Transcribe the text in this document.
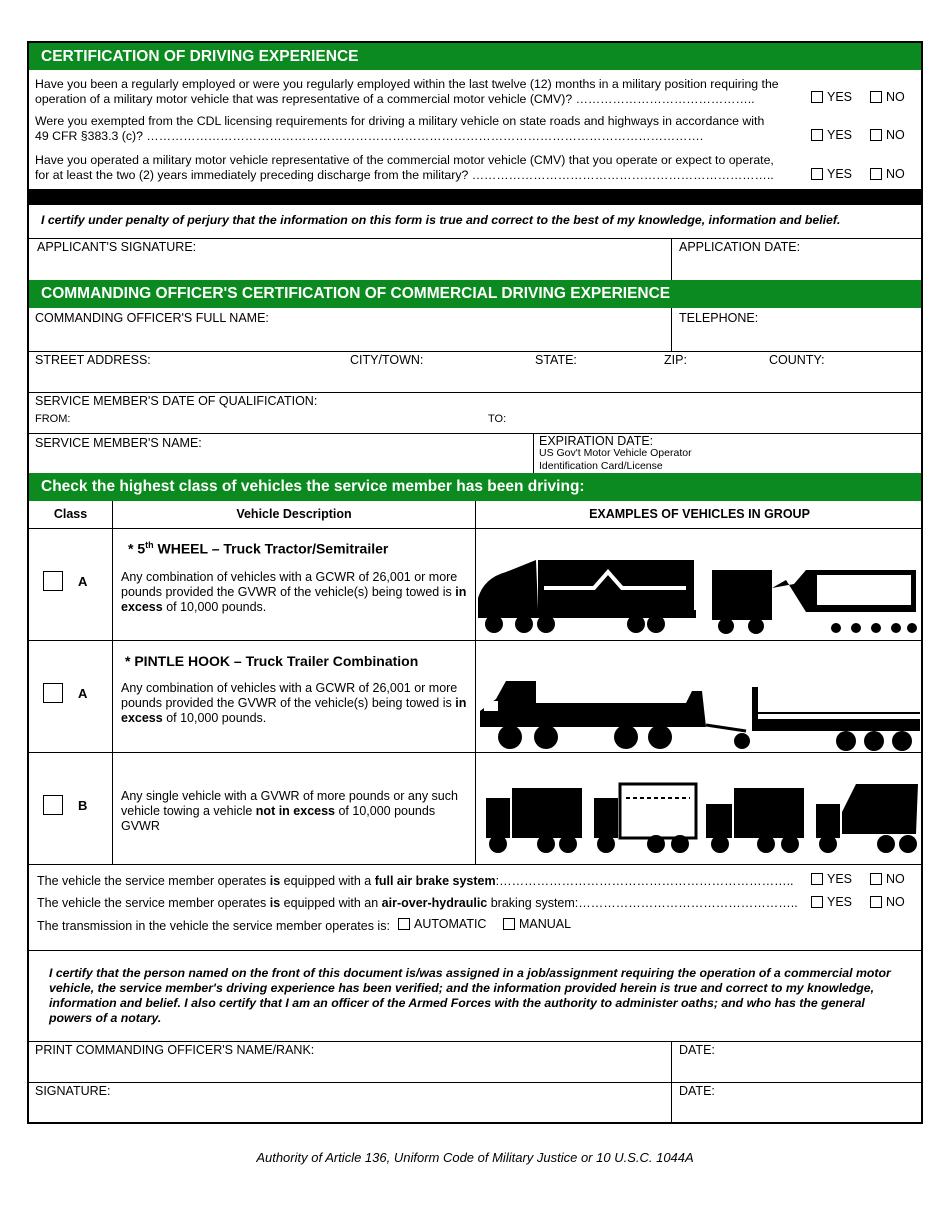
CERTIFICATION OF DRIVING EXPERIENCE
Have you been a regularly employed or were you regularly employed within the last twelve (12) months in a military position requiring the
operation of a military motor vehicle that was representative of a commercial motor vehicle (CMV)? ……………………………………..	YES	NO
Were you exempted from the CDL licensing requirements for driving a military vehicle on state roads and highways in accordance with
49 CFR §383.3 (c)? ……………………………………………………………………………………………………………………….	YES	NO
Have you operated a military motor vehicle representative of the commercial motor vehicle (CMV) that you operate or expect to operate,
for at least the two (2) years immediately preceding discharge from the military? ………………………………………………………………..	YES	NO
I certify under penalty of perjury that the information on this form is true and correct to the best of my knowledge, information and belief.
APPLICANT'S SIGNATURE:	APPLICATION DATE:
COMMANDING OFFICER'S CERTIFICATION OF COMMERCIAL DRIVING EXPERIENCE
COMMANDING OFFICER'S FULL NAME:	TELEPHONE:
STREET ADDRESS:	CITY/TOWN:	STATE:	ZIP:	COUNTY:
SERVICE MEMBER'S DATE OF QUALIFICATION:
FROM:	TO:
SERVICE MEMBER'S NAME:	EXPIRATION DATE:
US Gov't Motor Vehicle Operator
Identification Card/License
Check the highest class of vehicles the service member has been driving:
Class	Vehicle Description	EXAMPLES OF VEHICLES IN GROUP
A
* 5th WHEEL – Truck Tractor/Semitrailer
Any combination of vehicles with a GCWR of 26,001 or more
pounds provided the GVWR of the vehicle(s) being towed is in
excess of 10,000 pounds.
A
* PINTLE HOOK – Truck Trailer Combination
Any combination of vehicles with a GCWR of 26,001 or more
pounds provided the GVWR of the vehicle(s) being towed is in
excess of 10,000 pounds.
B
Any single vehicle with a GVWR of more pounds or any such
vehicle towing a vehicle not in excess of 10,000 pounds GVWR
The vehicle the service member operates is equipped with a full air brake system:……………………………………………………………..	YES	NO
The vehicle the service member operates is equipped with an air-over-hydraulic braking system:……………………………………………..	YES	NO
The transmission in the vehicle the service member operates is:	AUTOMATIC	MANUAL
I certify that the person named on the front of this document is/was assigned in a job/assignment requiring the operation of a commercial motor vehicle, the service member's driving experience has been verified; and the information provided herein is true and correct to my knowledge, information and belief. I also certify that I am an officer of the Armed Forces with the authority to administer oaths; and who has the general powers of a notary.
PRINT COMMANDING OFFICER'S NAME/RANK:	DATE:
SIGNATURE:	DATE:
Authority of Article 136, Uniform Code of Military Justice or 10 U.S.C. 1044A
